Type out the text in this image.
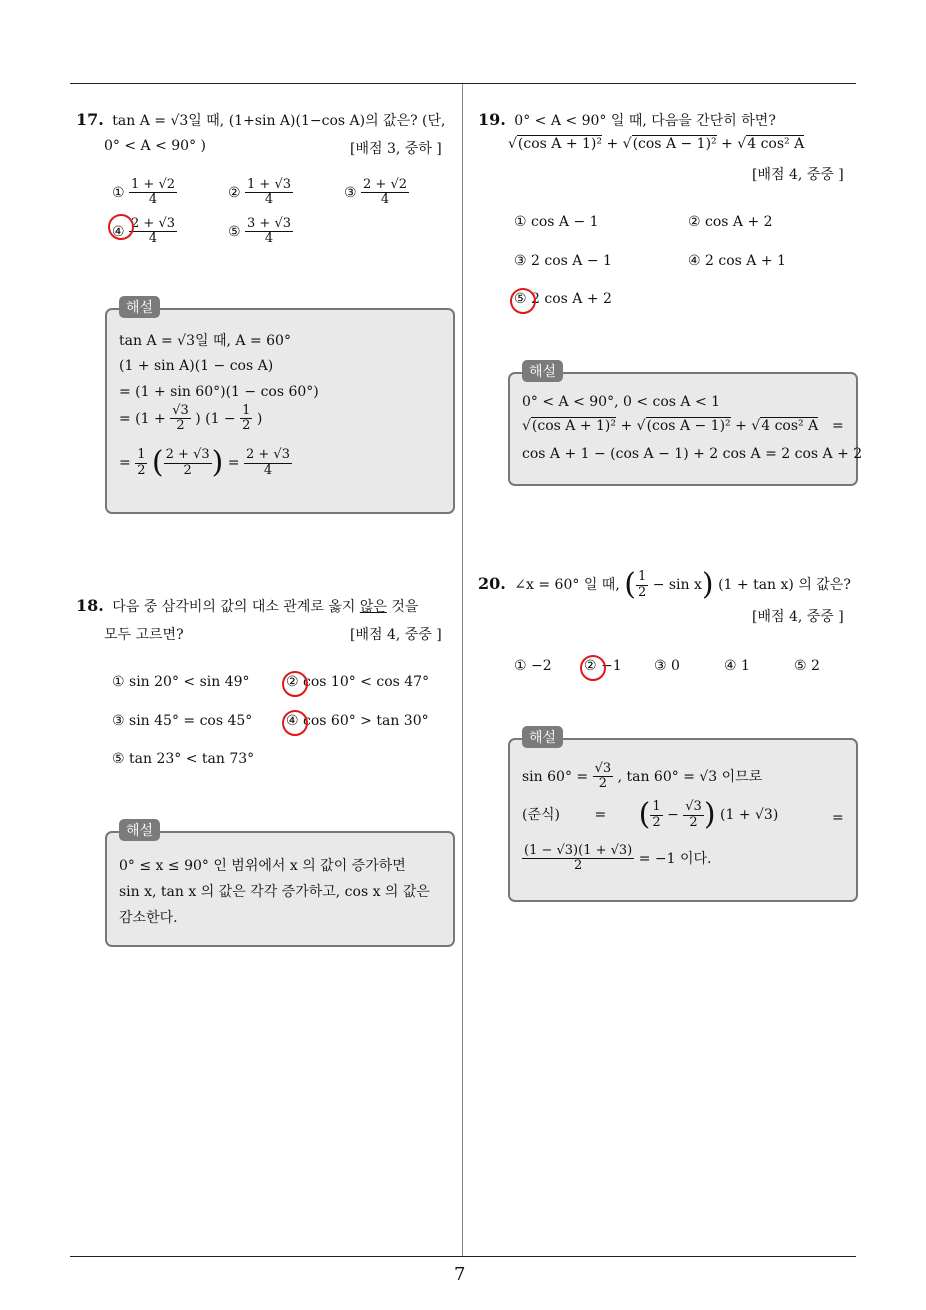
7
17. tan A = √3일 때, (1+sin A)(1−cos A)의 값은? (단,
0° < A < 90° )	[배점 3, 중하 ]
① $\frac{1 + √2}{4}$	② $\frac{1 + √3}{4}$	③ $\frac{2 + √2}{4}$
④ $\frac{2 + √3}{4}$	⑤ $\frac{3 + √3}{4}$
tan A = √3일 때, A = 60°
(1 + sin A)(1 − cos A)
= (1 + sin 60°)(1 − cos 60°)
= ($1 + \frac{√3}{2}$ ) ($1 - \frac{1}{2}$ )
= $\frac{1}{2}$ ( $\frac{2 + √3}{2}$ ) = $\frac{2 + √3}{4}$
해설
18. 다음 중 삼각비의 값의 대소 관계로 옳지 않은 것을
모두 고르면?	[배점 4, 중중 ]
① sin 20° < sin 49°	② cos 10° < cos 47°
③ sin 45° = cos 45° ④ cos 60° > tan 30°
⑤ tan 23° < tan 73°
0° ≤ x ≤ 90° 인 범위에서 x 의 값이 증가하면
sin x, tan x 의 값은 각각 증가하고, cos x 의 값은
감소한다.
해설
19. 0° < A < 90° 일 때, 다음을 간단히 하면?
√(cos A + 1)² + √(cos A − 1)² + √4 cos² A
[배점 4, 중중 ]
① cos A − 1	② cos A + 2
③ 2 cos A − 1	④ 2 cos A + 1
⑤ 2 cos A + 2
0° < A < 90°, 0 < cos A < 1
√(cos A + 1)² + √(cos A − 1)² + √4 cos² A =
cos A + 1 − (cos A − 1) + 2 cos A = 2 cos A + 2
해설
20. ∠x = 60° 일 때, ( $\frac{1}{2} - \sin x$) (1 + tan x) 의 값은?
[배점 4, 중중 ]
① −2 ② −1 ③ 0	④ 1	⑤ 2
$\sin 60^\circ = \frac{√3}{2}$ , tan 60° = √3 이므로
(준식) = ( $\frac{1}{2} - \frac{√3}{2}$ ) (1 + √3)	=
$\frac{(1 - √3)(1 + √3)}{2} = -1$ 이다.
해설
